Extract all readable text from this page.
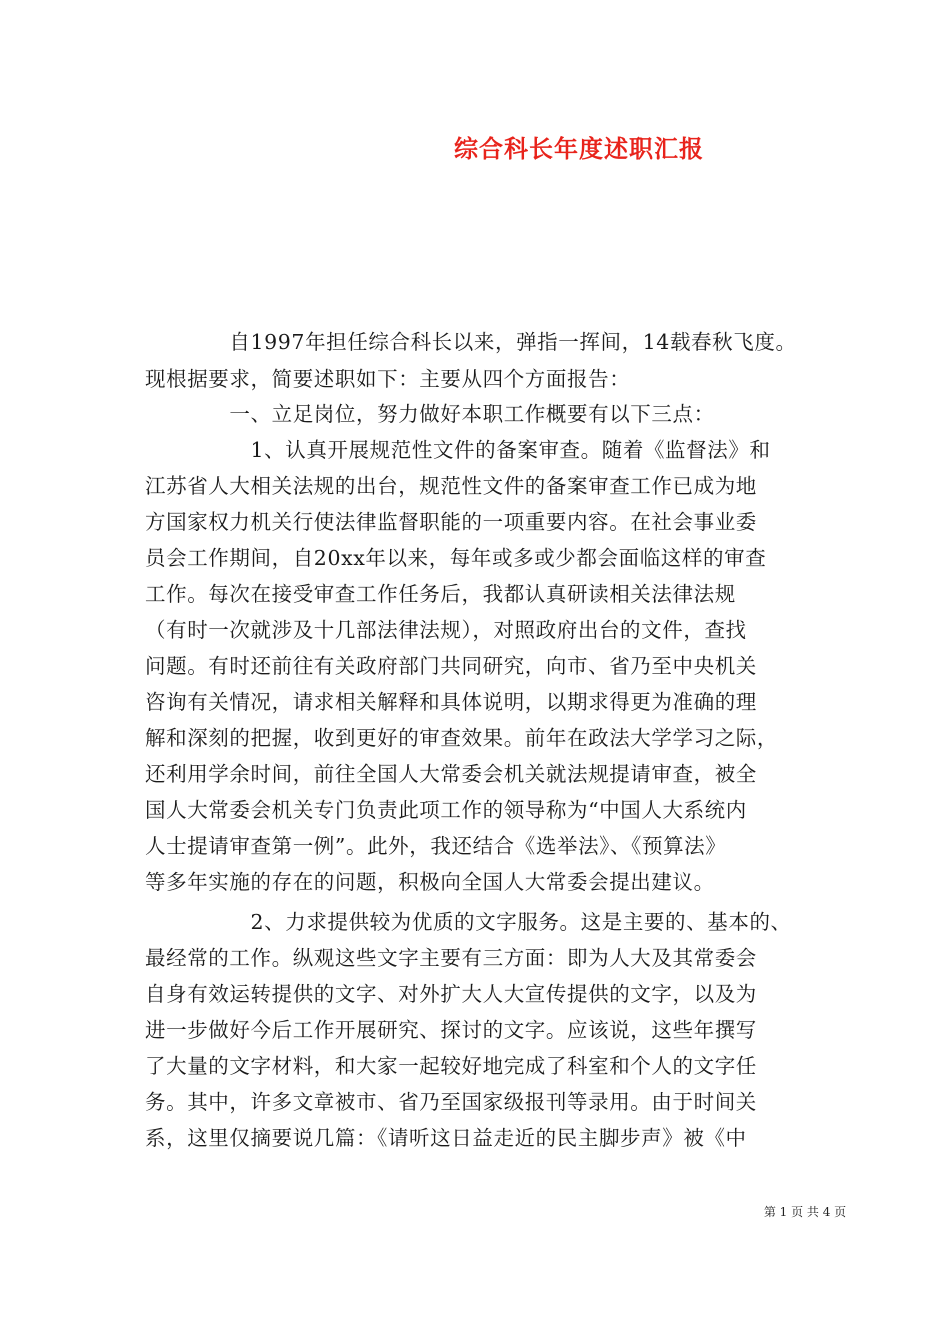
综合科长年度述职汇报
　　　　自1997年担任综合科长以来，弹指一挥间，14载春秋飞度。
现根据要求，简要述职如下：主要从四个方面报告：
　　　　一、立足岗位，努力做好本职工作概要有以下三点：
　　　　　1、认真开展规范性文件的备案审查。随着《监督法》和
江苏省人大相关法规的出台，规范性文件的备案审查工作已成为地
方国家权力机关行使法律监督职能的一项重要内容。在社会事业委
员会工作期间，自20xx年以来，每年或多或少都会面临这样的审查
工作。每次在接受审查工作任务后，我都认真研读相关法律法规
（有时一次就涉及十几部法律法规），对照政府出台的文件，查找
问题。有时还前往有关政府部门共同研究，向市、省乃至中央机关
咨询有关情况，请求相关解释和具体说明，以期求得更为准确的理
解和深刻的把握，收到更好的审查效果。前年在政法大学学习之际，
还利用学余时间，前往全国人大常委会机关就法规提请审查，被全
国人大常委会机关专门负责此项工作的领导称为“中国人大系统内
人士提请审查第一例”。此外，我还结合《选举法》、《预算法》
等多年实施的存在的问题，积极向全国人大常委会提出建议。
　　　　　2、力求提供较为优质的文字服务。这是主要的、基本的、
最经常的工作。纵观这些文字主要有三方面：即为人大及其常委会
自身有效运转提供的文字、对外扩大人大宣传提供的文字，以及为
进一步做好今后工作开展研究、探讨的文字。应该说，这些年撰写
了大量的文字材料，和大家一起较好地完成了科室和个人的文字任
务。其中，许多文章被市、省乃至国家级报刊等录用。由于时间关
系，这里仅摘要说几篇：《请听这日益走近的民主脚步声》被《中
第 1 页 共 4 页
